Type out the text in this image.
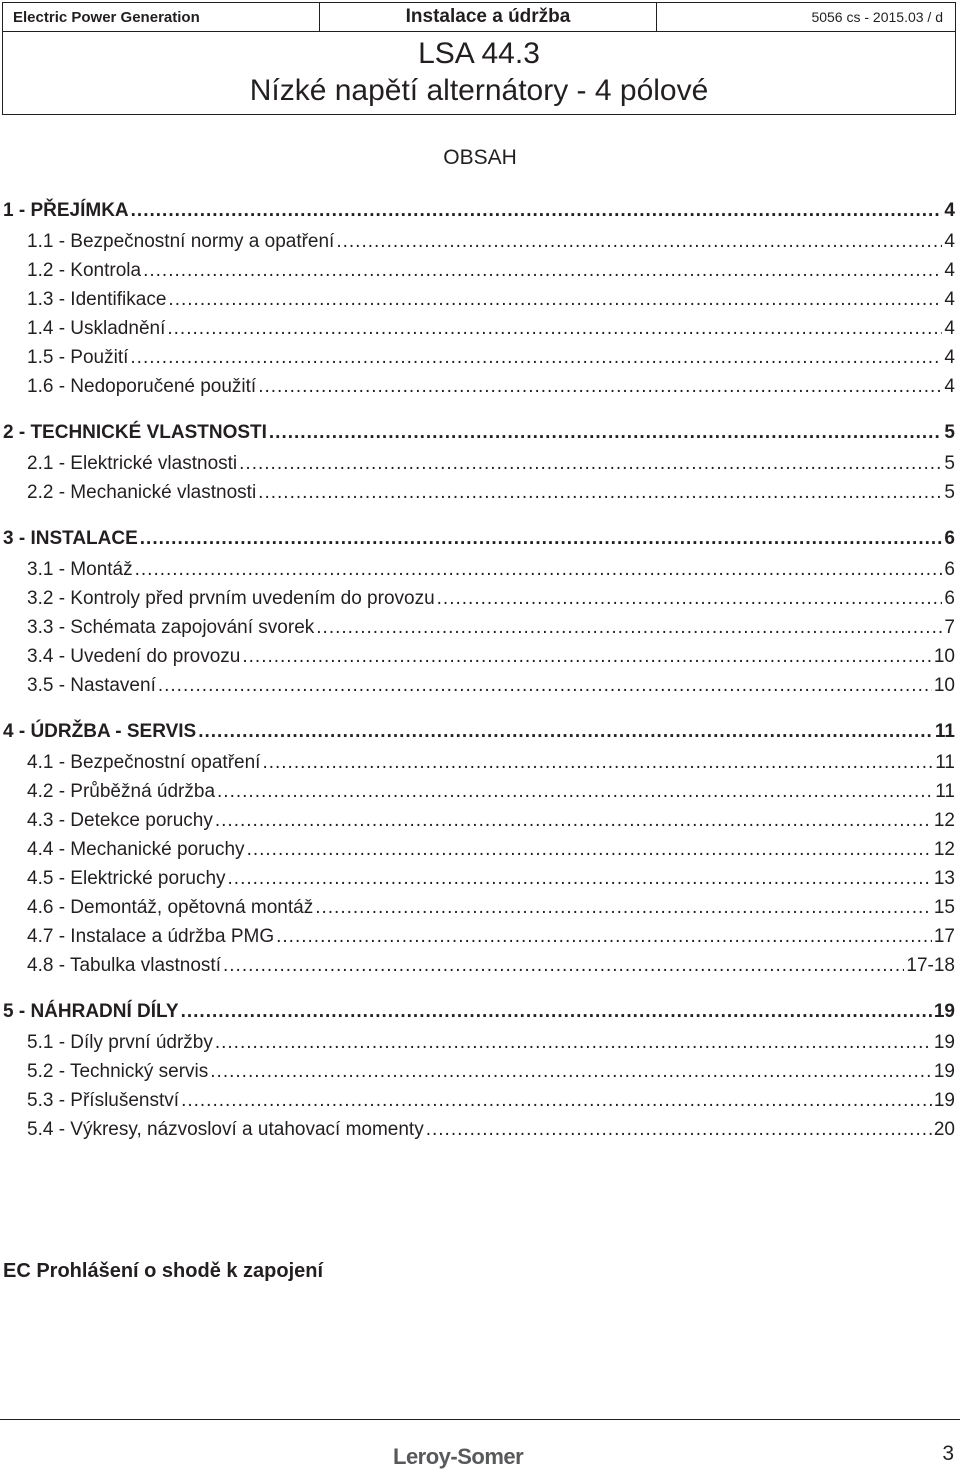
Electric Power Generation	Instalace a údržba	5056 cs - 2015.03 / d

LSA 44.3
Nízké napětí alternátory - 4 pólové
OBSAH
1 - PŘEJÍMKA .....	4
1.1 - Bezpečnostní normy a opatření .....	4
1.2 - Kontrola .....	4
1.3 - Identifikace .....	4
1.4 - Uskladnění .....	4
1.5 - Použití .....	4
1.6 - Nedoporučené použití .....	4
2 - TECHNICKÉ VLASTNOSTI .....	5
2.1 - Elektrické vlastnosti .....	5
2.2 - Mechanické vlastnosti .....	5
3 - INSTALACE .....	6
3.1 - Montáž .....	6
3.2 - Kontroly před prvním uvedením do provozu .....	6
3.3 - Schémata zapojování svorek .....	7
3.4 - Uvedení do provozu .....	10
3.5 - Nastavení .....	10
4 - ÚDRŽBA - SERVIS .....	11
4.1 - Bezpečnostní opatření .....	11
4.2 - Průběžná údržba .....	11
4.3 - Detekce poruchy .....	12
4.4 - Mechanické poruchy .....	12
4.5 - Elektrické poruchy .....	13
4.6 - Demontáž, opětovná montáž .....	15
4.7 - Instalace a údržba PMG .....	17
4.8 - Tabulka vlastností .....	17-18
5 - NÁHRADNÍ DÍLY .....	19
5.1 - Díly první údržby .....	19
5.2 - Technický servis .....	19
5.3 - Příslušenství .....	19
5.4 - Výkresy, názvosloví a utahovací momenty .....	20
EC Prohlášení o shodě k zapojení
Leroy-Somer	3
